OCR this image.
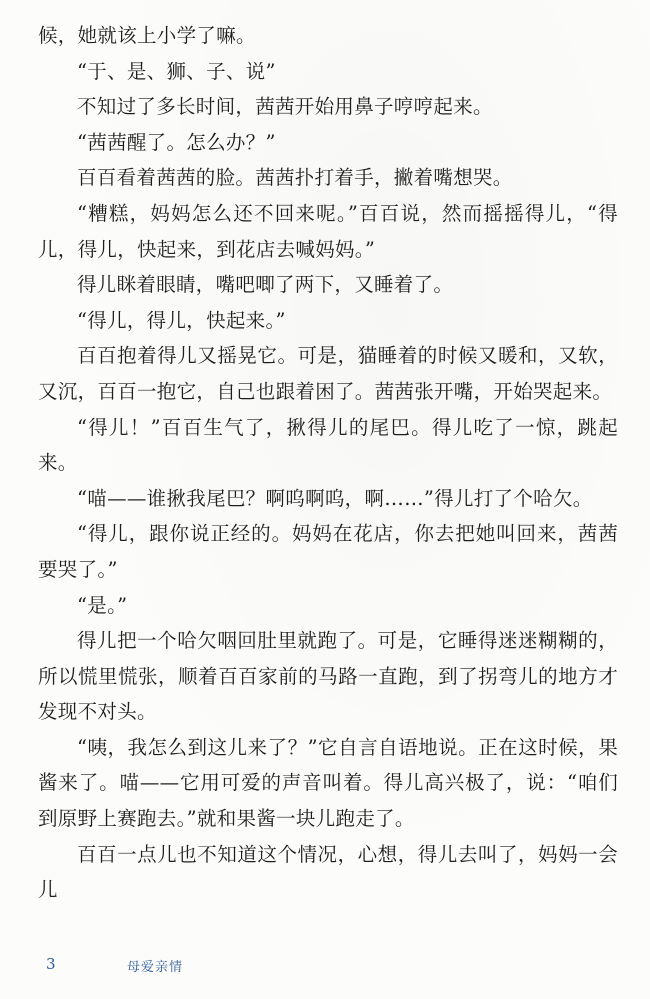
候，她就该上小学了嘛。

“于、是、狮、子、说”

不知过了多长时间，茜茜开始用鼻子哼哼起来。

“茜茜醒了。怎么办？”

百百看着茜茜的脸。茜茜扑打着手，撇着嘴想哭。

“糟糕，妈妈怎么还不回来呢。”百百说，然而摇摇得儿，“得儿，得儿，快起来，到花店去喊妈妈。”

得儿眯着眼睛，嘴吧唧了两下，又睡着了。

“得儿，得儿，快起来。”

百百抱着得儿又摇晃它。可是，猫睡着的时候又暖和，又软，又沉，百百一抱它，自己也跟着困了。茜茜张开嘴，开始哭起来。

“得儿！”百百生气了，揪得儿的尾巴。得儿吃了一惊，跳起来。

“喵——谁揪我尾巴？啊呜啊呜，啊……”得儿打了个哈欠。

“得儿，跟你说正经的。妈妈在花店，你去把她叫回来，茜茜要哭了。”

“是。”

得儿把一个哈欠咽回肚里就跑了。可是，它睡得迷迷糊糊的，所以慌里慌张，顺着百百家前的马路一直跑，到了拐弯儿的地方才发现不对头。

“咦，我怎么到这儿来了？”它自言自语地说。正在这时候，果酱来了。喵——它用可爱的声音叫着。得儿高兴极了，说：“咱们到原野上赛跑去。”就和果酱一块儿跑走了。

百百一点儿也不知道这个情况，心想，得儿去叫了，妈妈一会儿

3	母爱亲情
